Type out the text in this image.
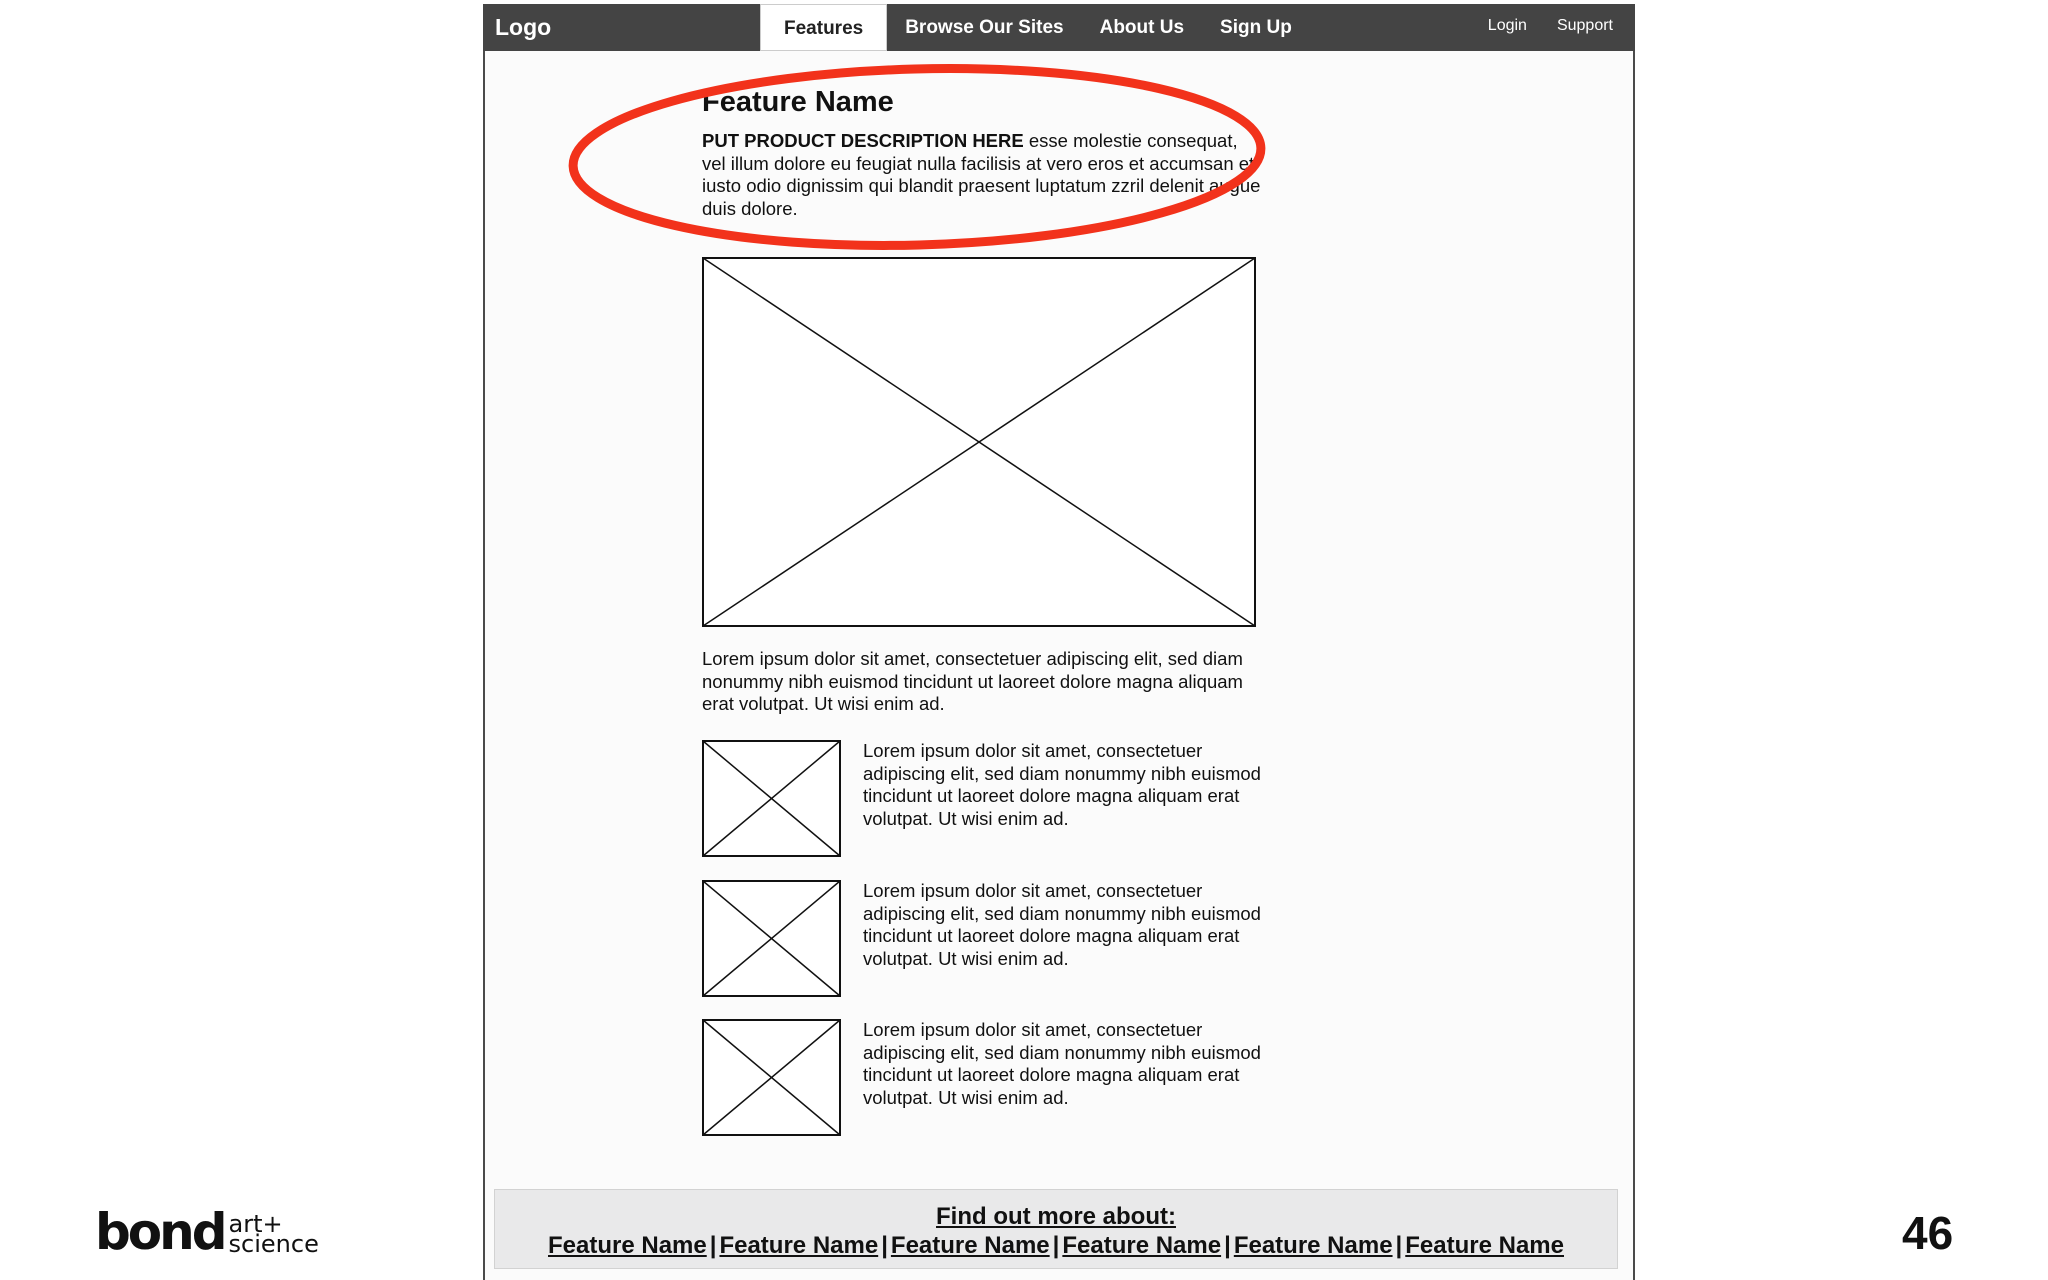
Logo	Features	Browse Our Sites	About Us	Sign Up	Login Support
Feature Name
PUT PRODUCT DESCRIPTION HERE esse molestie consequat, vel illum dolore eu feugiat nulla facilisis at vero eros et accumsan et iusto odio dignissim qui blandit praesent luptatum zzril delenit augue duis dolore.
Lorem ipsum dolor sit amet, consectetuer adipiscing elit, sed diam nonummy nibh euismod tincidunt ut laoreet dolore magna aliquam erat volutpat. Ut wisi enim ad.
Lorem ipsum dolor sit amet, consectetuer adipiscing elit, sed diam nonummy nibh euismod tincidunt ut laoreet dolore magna aliquam erat volutpat. Ut wisi enim ad.
Lorem ipsum dolor sit amet, consectetuer adipiscing elit, sed diam nonummy nibh euismod tincidunt ut laoreet dolore magna aliquam erat volutpat. Ut wisi enim ad.
Lorem ipsum dolor sit amet, consectetuer adipiscing elit, sed diam nonummy nibh euismod tincidunt ut laoreet dolore magna aliquam erat volutpat. Ut wisi enim ad.
Find out more about:
Feature Name | Feature Name | Feature Name | Feature Name | Feature Name | Feature Name
bond art+
science	46
